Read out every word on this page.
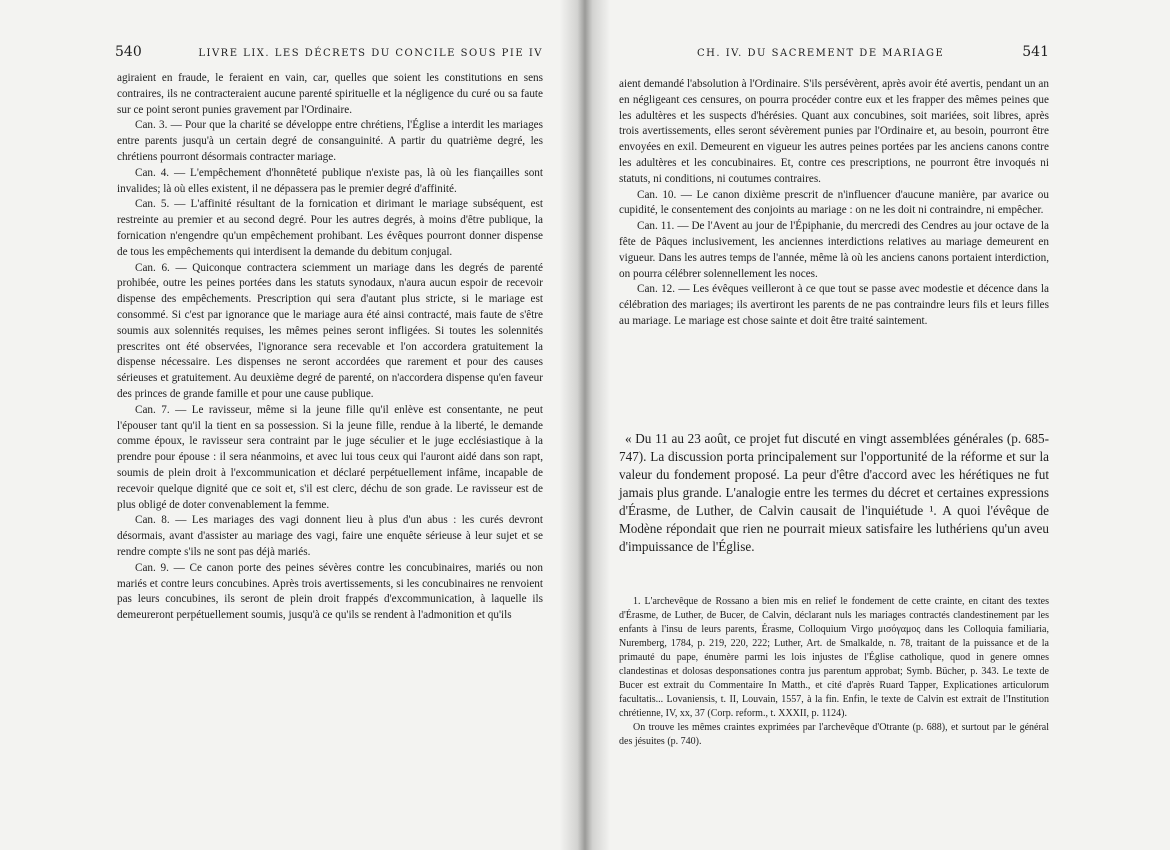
540	LIVRE LIX. LES DÉCRETS DU CONCILE SOUS PIE IV

agiraient en fraude, le feraient en vain, car, quelles que soient les constitutions en sens contraires, ils ne contracteraient aucune parenté spirituelle et la négligence du curé ou sa faute sur ce point seront punies gravement par l'Ordinaire.

Can. 3. — Pour que la charité se développe entre chrétiens, l'Église a interdit les mariages entre parents jusqu'à un certain degré de consanguinité. A partir du quatrième degré, les chrétiens pourront désormais contracter mariage.

Can. 4. — L'empêchement d'honnêteté publique n'existe pas, là où les fiançailles sont invalides; là où elles existent, il ne dépassera pas le premier degré d'affinité.

Can. 5. — L'affinité résultant de la fornication et dirimant le mariage subséquent, est restreinte au premier et au second degré. Pour les autres degrés, à moins d'être publique, la fornication n'engendre qu'un empêchement prohibant. Les évêques pourront donner dispense de tous les empêchements qui interdisent la demande du debitum conjugal.

Can. 6. — Quiconque contractera sciemment un mariage dans les degrés de parenté prohibée, outre les peines portées dans les statuts synodaux, n'aura aucun espoir de recevoir dispense des empêchements. Prescription qui sera d'autant plus stricte, si le mariage est consommé. Si c'est par ignorance que le mariage aura été ainsi contracté, mais faute de s'être soumis aux solennités requises, les mêmes peines seront infligées. Si toutes les solennités prescrites ont été observées, l'ignorance sera recevable et l'on accordera gratuitement la dispense nécessaire. Les dispenses ne seront accordées que rarement et pour des causes sérieuses et gratuitement. Au deuxième degré de parenté, on n'accordera dispense qu'en faveur des princes de grande famille et pour une cause publique.

Can. 7. — Le ravisseur, même si la jeune fille qu'il enlève est consentante, ne peut l'épouser tant qu'il la tient en sa possession. Si la jeune fille, rendue à la liberté, le demande comme époux, le ravisseur sera contraint par le juge séculier et le juge ecclésiastique à la prendre pour épouse : il sera néanmoins, et avec lui tous ceux qui l'auront aidé dans son rapt, soumis de plein droit à l'excommunication et déclaré perpétuellement infâme, incapable de recevoir quelque dignité que ce soit et, s'il est clerc, déchu de son grade. Le ravisseur est de plus obligé de doter convenablement la femme.

Can. 8. — Les mariages des vagi donnent lieu à plus d'un abus : les curés devront désormais, avant d'assister au mariage des vagi, faire une enquête sérieuse à leur sujet et se rendre compte s'ils ne sont pas déjà mariés.

Can. 9. — Ce canon porte des peines sévères contre les concubinaires, mariés ou non mariés et contre leurs concubines. Après trois avertissements, si les concubinaires ne renvoient pas leurs concubines, ils seront de plein droit frappés d'excommunication, à laquelle ils demeureront perpétuellement soumis, jusqu'à ce qu'ils se rendent à l'admonition et qu'ils

CH. IV. DU SACREMENT DE MARIAGE	541

aient demandé l'absolution à l'Ordinaire. S'ils persévèrent, après avoir été avertis, pendant un an en négligeant ces censures, on pourra procéder contre eux et les frapper des mêmes peines que les adultères et les suspects d'hérésies. Quant aux concubines, soit mariées, soit libres, après trois avertissements, elles seront sévèrement punies par l'Ordinaire et, au besoin, pourront être envoyées en exil. Demeurent en vigueur les autres peines portées par les anciens canons contre les adultères et les concubinaires. Et, contre ces prescriptions, ne pourront être invoqués ni statuts, ni conditions, ni coutumes contraires.

Can. 10. — Le canon dixième prescrit de n'influencer d'aucune manière, par avarice ou cupidité, le consentement des conjoints au mariage : on ne les doit ni contraindre, ni empêcher.

Can. 11. — De l'Avent au jour de l'Épiphanie, du mercredi des Cendres au jour octave de la fête de Pâques inclusivement, les anciennes interdictions relatives au mariage demeurent en vigueur. Dans les autres temps de l'année, même là où les anciens canons portaient interdiction, on pourra célébrer solennellement les noces.

Can. 12. — Les évêques veilleront à ce que tout se passe avec modestie et décence dans la célébration des mariages; ils avertiront les parents de ne pas contraindre leurs fils et leurs filles au mariage. Le mariage est chose sainte et doit être traité saintement.

« Du 11 au 23 août, ce projet fut discuté en vingt assemblées générales (p. 685-747). La discussion porta principalement sur l'opportunité de la réforme et sur la valeur du fondement proposé. La peur d'être d'accord avec les hérétiques ne fut jamais plus grande. L'analogie entre les termes du décret et certaines expressions d'Érasme, de Luther, de Calvin causait de l'inquiétude ¹. A quoi l'évêque de Modène répondait que rien ne pourrait mieux satisfaire les luthériens qu'un aveu d'impuissance de l'Église.

1. L'archevêque de Rossano a bien mis en relief le fondement de cette crainte, en citant des textes d'Érasme, de Luther, de Bucer, de Calvin, déclarant nuls les mariages contractés clandestinement par les enfants à l'insu de leurs parents, Érasme, Colloquium Virgo μισόγαμος dans les Colloquia familiaria, Nuremberg, 1784, p. 219, 220, 222; Luther, Art. de Smalkalde, n. 78, traitant de la puissance et de la primauté du pape, énumère parmi les lois injustes de l'Église catholique, quod in genere omnes clandestinas et dolosas desponsationes contra jus parentum approbat; Symb. Bücher, p. 343. Le texte de Bucer est extrait du Commentaire In Matth., et cité d'après Ruard Tapper, Explicationes articulorum facultatis... Lovaniensis, t. II, Louvain, 1557, à la fin. Enfin, le texte de Calvin est extrait de l'Institution chrétienne, IV, xx, 37 (Corp. reform., t. XXXII, p. 1124).

On trouve les mêmes craintes exprimées par l'archevêque d'Otrante (p. 688), et surtout par le général des jésuites (p. 740).
